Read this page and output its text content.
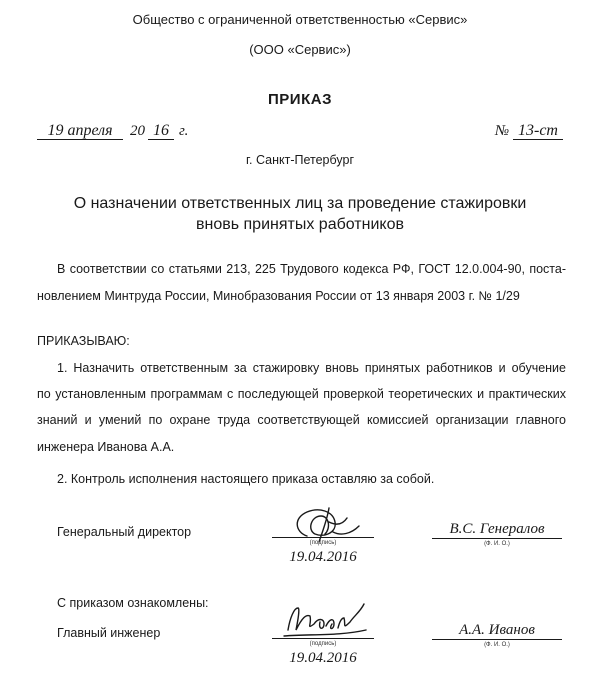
Общество с ограниченной ответственностью «Сервис»
(ООО «Сервис»)
ПРИКАЗ
19 апреля	20 16 г.	№ 13-ст
г. Санкт-Петербург
О назначении ответственных лиц за проведение стажировки
вновь принятых работников
В соответствии со статьями 213, 225 Трудового кодекса РФ, ГОСТ 12.0.004-90, поста-
новлением Минтруда России, Минобразования России от 13 января 2003 г. № 1/29
ПРИКАЗЫВАЮ:
1. Назначить ответственным за стажировку вновь принятых работников и обучение
по установленным программам с последующей проверкой теоретических и практических
знаний и умений по охране труда соответствующей комиссией организации главного
инженера Иванова А.А.
2. Контроль исполнения настоящего приказа оставляю за собой.
Генеральный директор
(подпись)
19.04.2016
В.С. Генералов
(Ф. И. О.)
С приказом ознакомлены:
Главный инженер
(подпись)
19.04.2016
А.А. Иванов
(Ф. И. О.)
